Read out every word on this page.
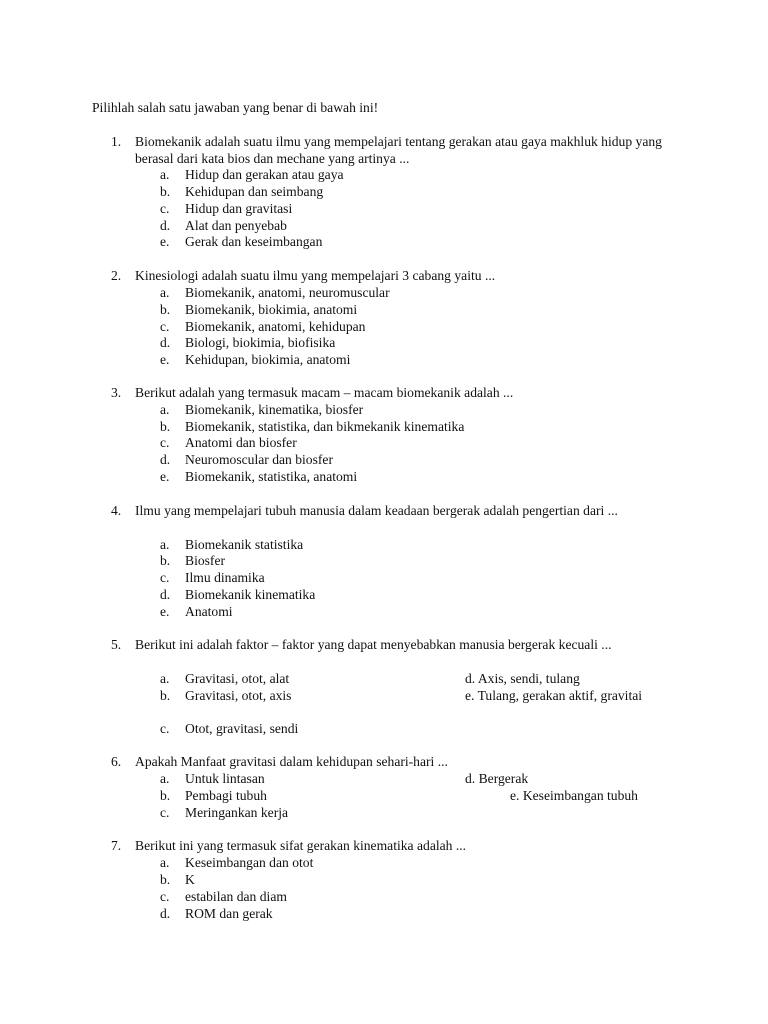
Pilihlah salah satu jawaban yang benar di bawah ini!
1. Biomekanik adalah suatu ilmu yang mempelajari tentang gerakan atau gaya makhluk hidup yang berasal dari kata bios dan mechane yang artinya ...
a. Hidup dan gerakan atau gaya
b. Kehidupan dan seimbang
c. Hidup dan gravitasi
d. Alat dan penyebab
e. Gerak dan keseimbangan
2. Kinesiologi adalah suatu ilmu yang mempelajari 3 cabang yaitu ...
a. Biomekanik, anatomi, neuromuscular
b. Biomekanik, biokimia, anatomi
c. Biomekanik, anatomi, kehidupan
d. Biologi, biokimia, biofisika
e. Kehidupan, biokimia, anatomi
3. Berikut adalah yang termasuk macam – macam biomekanik adalah ...
a. Biomekanik, kinematika, biosfer
b. Biomekanik, statistika, dan bikmekanik kinematika
c. Anatomi dan biosfer
d. Neuromoscular dan biosfer
e. Biomekanik, statistika, anatomi
4. Ilmu yang mempelajari tubuh manusia dalam keadaan bergerak adalah pengertian dari ...
a. Biomekanik statistika
b. Biosfer
c. Ilmu dinamika
d. Biomekanik kinematika
e. Anatomi
5. Berikut ini adalah faktor – faktor yang dapat menyebabkan manusia bergerak kecuali ...
a. Gravitasi, otot, alat
b. Gravitasi, otot, axis
c. Otot, gravitasi, sendi
d. Axis, sendi, tulang
e. Tulang, gerakan aktif, gravitai
6. Apakah Manfaat gravitasi dalam kehidupan sehari-hari ...
a. Untuk lintasan
b. Pembagi tubuh
c. Meringankan kerja
d. Bergerak
e. Keseimbangan tubuh
7. Berikut ini yang termasuk sifat gerakan kinematika adalah ...
a. Keseimbangan dan otot
b. K
c. estabilan dan diam
d. ROM dan gerak
